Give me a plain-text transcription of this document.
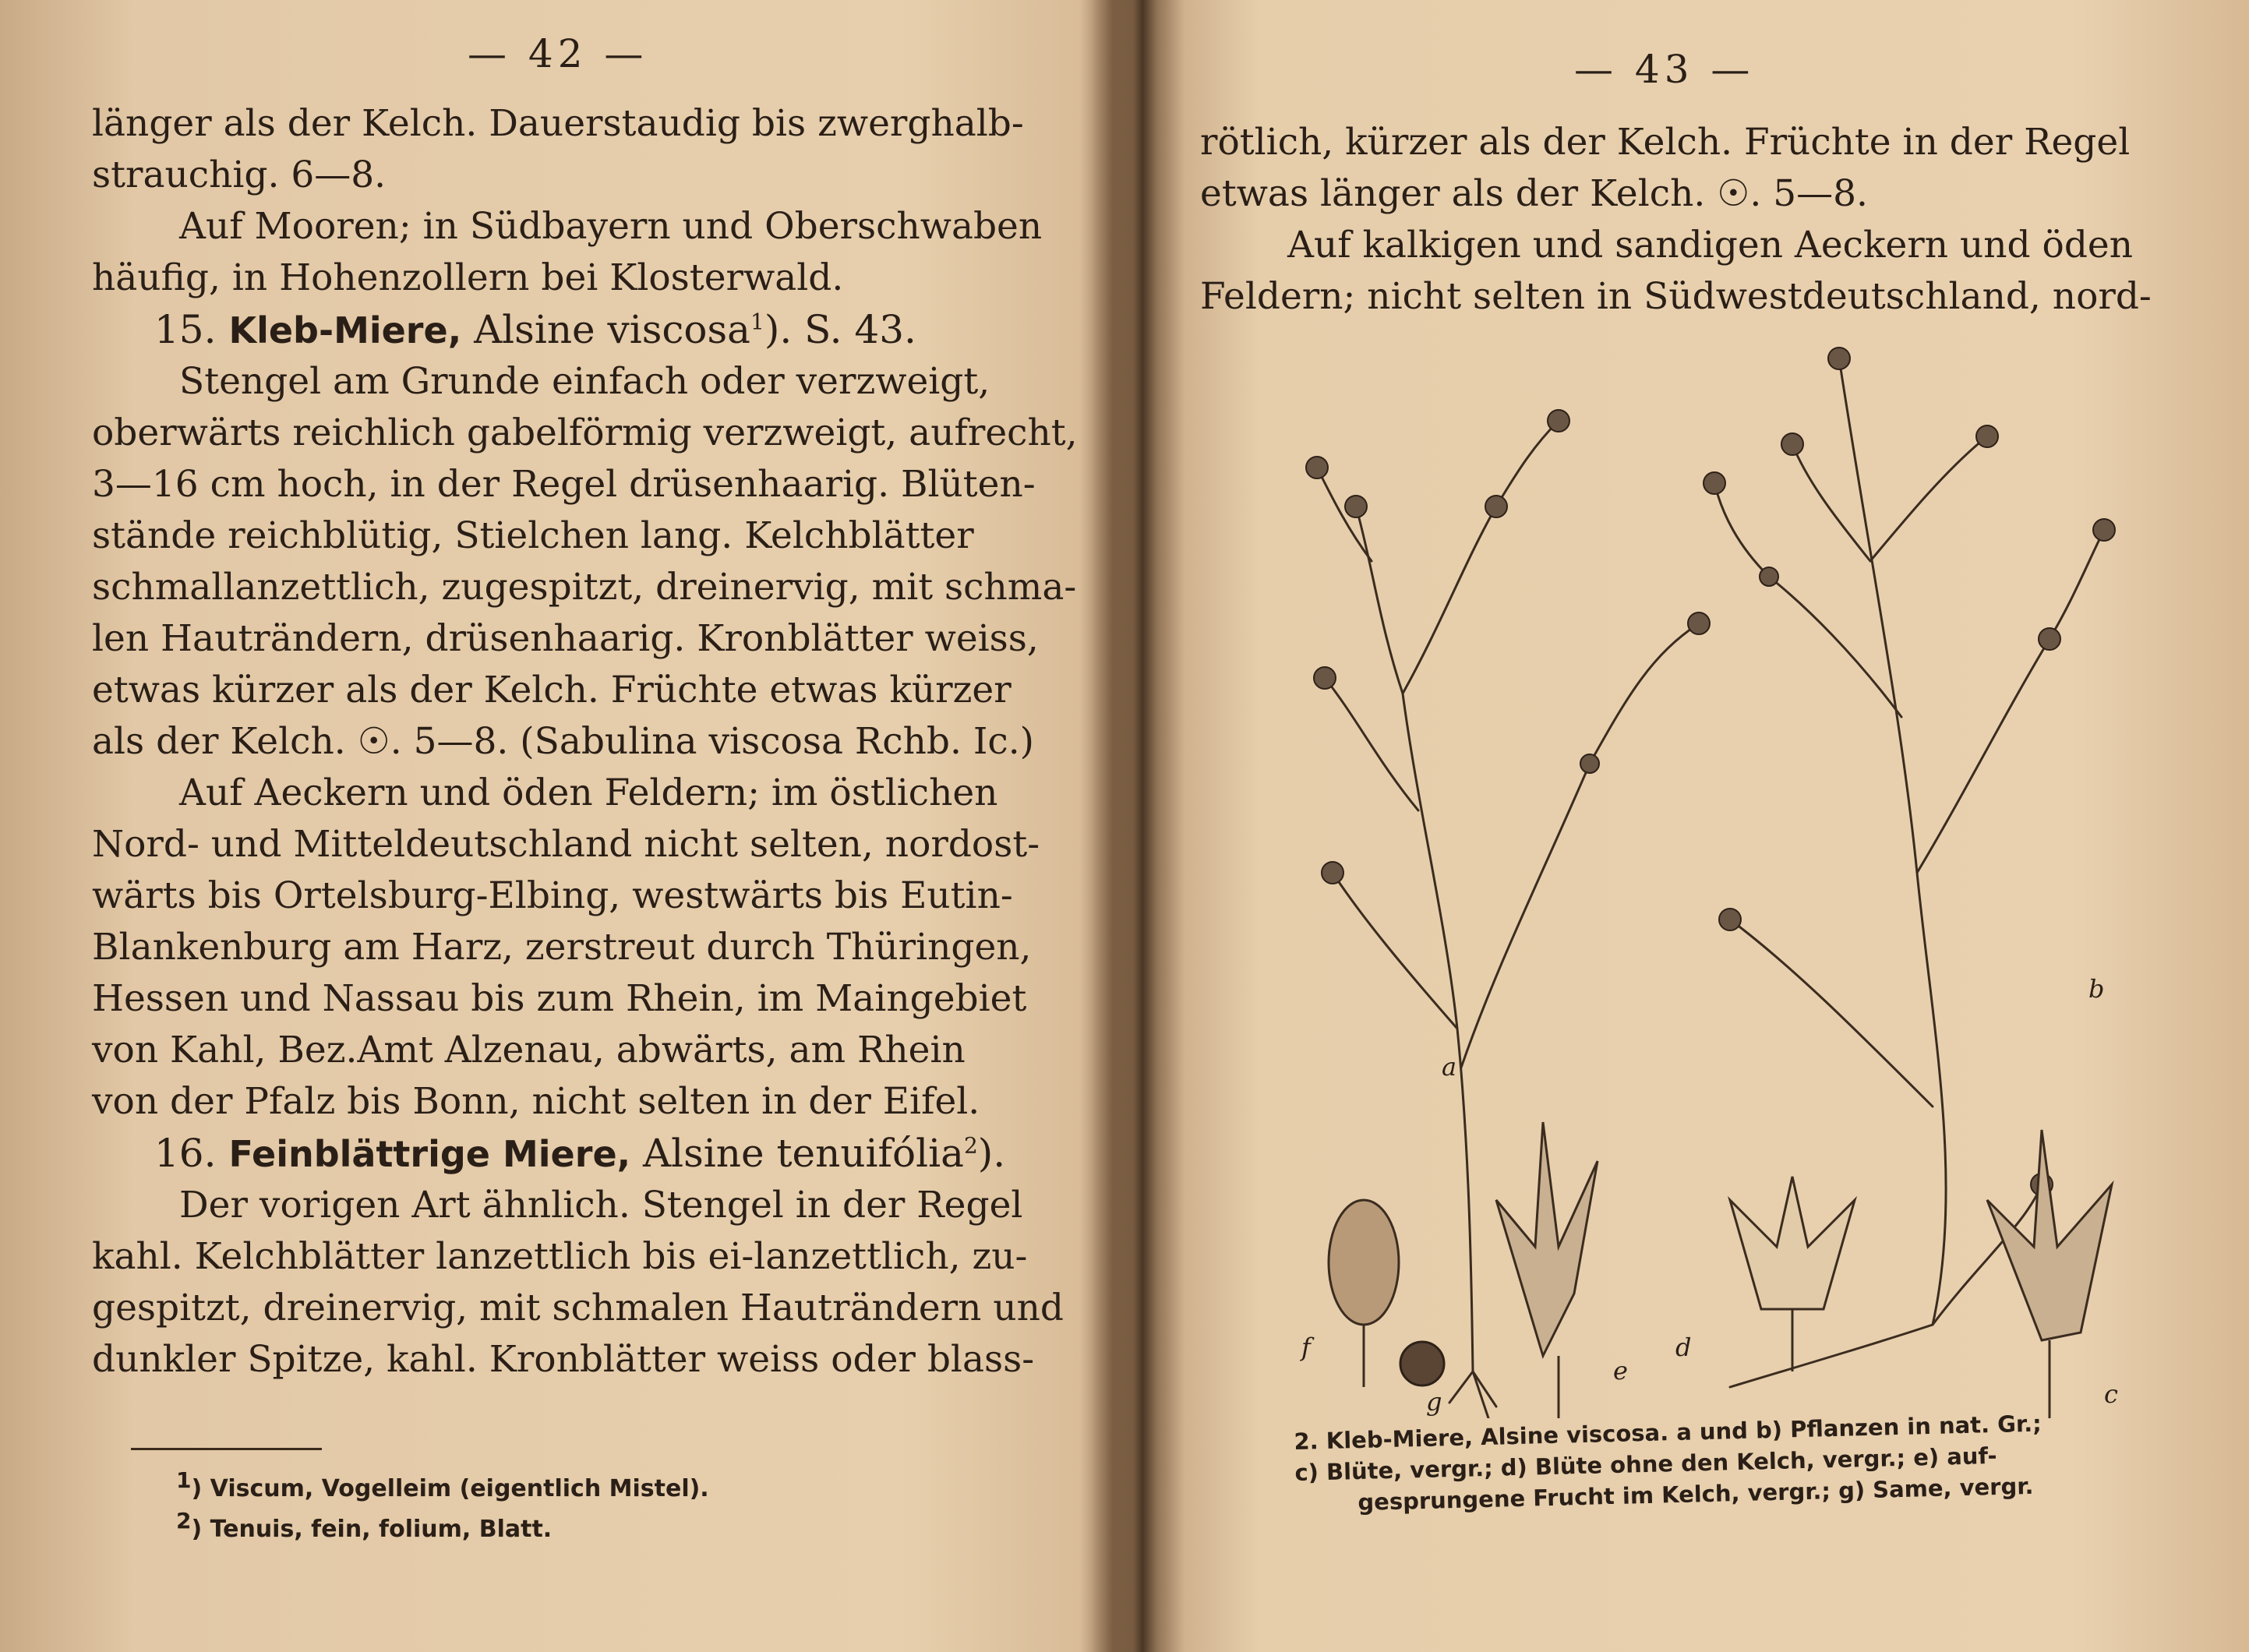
— 42 —
länger als der Kelch. Dauerstaudig bis zwerghalb-
strauchig. 6—8.
Auf Mooren; in Südbayern und Oberschwaben
häufig, in Hohenzollern bei Klosterwald.
15. Kleb-Miere, Alsine viscosa$^1$). S. 43.
Stengel am Grunde einfach oder verzweigt,
oberwärts reichlich gabelförmig verzweigt, aufrecht,
3—16 cm hoch, in der Regel drüsenhaarig. Blüten-
stände reichblütig, Stielchen lang. Kelchblätter
schmallanzettlich, zugespitzt, dreinervig, mit schma-
len Hauträndern, drüsenhaarig. Kronblätter weiss,
etwas kürzer als der Kelch. Früchte etwas kürzer
als der Kelch. ☉. 5—8. (Sabulina viscosa Rchb. Ic.)
Auf Aeckern und öden Feldern; im östlichen
Nord- und Mitteldeutschland nicht selten, nordost-
wärts bis Ortelsburg-Elbing, westwärts bis Eutin-
Blankenburg am Harz, zerstreut durch Thüringen,
Hessen und Nassau bis zum Rhein, im Maingebiet
von Kahl, Bez.Amt Alzenau, abwärts, am Rhein
von der Pfalz bis Bonn, nicht selten in der Eifel.
16. Feinblättrige Miere, Alsine tenuifólia$^2$).
Der vorigen Art ähnlich. Stengel in der Regel
kahl. Kelchblätter lanzettlich bis ei-lanzettlich, zu-
gespitzt, dreinervig, mit schmalen Hauträndern und
dunkler Spitze, kahl. Kronblätter weiss oder blass-
$^1$) Viscum, Vogelleim (eigentlich Mistel).
$^2$) Tenuis, fein, folium, Blatt.
— 43 —
rötlich, kürzer als der Kelch. Früchte in der Regel
etwas länger als der Kelch. ☉. 5—8.
Auf kalkigen und sandigen Aeckern und öden
Feldern; nicht selten in Südwestdeutschland, nord-
a
b
c
d
e
f
g
2. Kleb-Miere, Alsine viscosa. a und b) Pflanzen in nat. Gr.;
c) Blüte, vergr.; d) Blüte ohne den Kelch, vergr.; e) auf-
gesprungene Frucht im Kelch, vergr.; g) Same, vergr.
